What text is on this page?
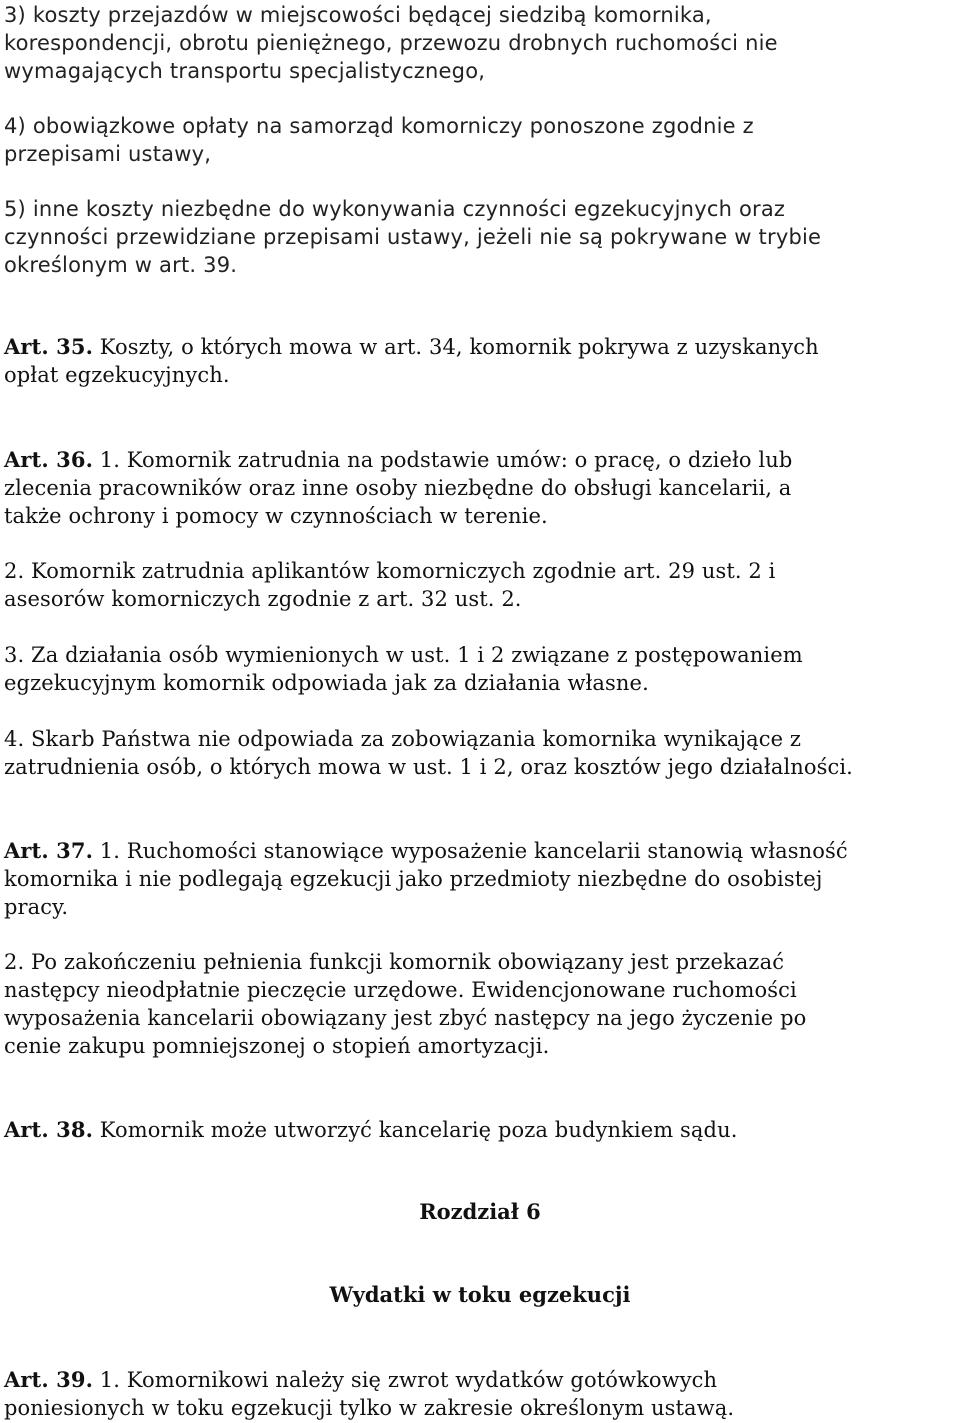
3) koszty przejazdów w miejscowości będącej siedzibą komornika,
korespondencji, obrotu pieniężnego, przewozu drobnych ruchomości nie
wymagających transportu specjalistycznego,

4) obowiązkowe opłaty na samorząd komorniczy ponoszone zgodnie z
przepisami ustawy,

5) inne koszty niezbędne do wykonywania czynności egzekucyjnych oraz
czynności przewidziane przepisami ustawy, jeżeli nie są pokrywane w trybie
określonym w art. 39.

Art. 35. Koszty, o których mowa w art. 34, komornik pokrywa z uzyskanych
opłat egzekucyjnych.

Art. 36. 1. Komornik zatrudnia na podstawie umów: o pracę, o dzieło lub
zlecenia pracowników oraz inne osoby niezbędne do obsługi kancelarii, a
także ochrony i pomocy w czynnościach w terenie.

2. Komornik zatrudnia aplikantów komorniczych zgodnie art. 29 ust. 2 i
asesorów komorniczych zgodnie z art. 32 ust. 2.

3. Za działania osób wymienionych w ust. 1 i 2 związane z postępowaniem
egzekucyjnym komornik odpowiada jak za działania własne.

4. Skarb Państwa nie odpowiada za zobowiązania komornika wynikające z
zatrudnienia osób, o których mowa w ust. 1 i 2, oraz kosztów jego działalności.

Art. 37. 1. Ruchomości stanowiące wyposażenie kancelarii stanowią własność
komornika i nie podlegają egzekucji jako przedmioty niezbędne do osobistej
pracy.

2. Po zakończeniu pełnienia funkcji komornik obowiązany jest przekazać
następcy nieodpłatnie pieczęcie urzędowe. Ewidencjonowane ruchomości
wyposażenia kancelarii obowiązany jest zbyć następcy na jego życzenie po
cenie zakupu pomniejszonej o stopień amortyzacji.

Art. 38. Komornik może utworzyć kancelarię poza budynkiem sądu.

Rozdział 6
Wydatki w toku egzekucji

Art. 39. 1. Komornikowi należy się zwrot wydatków gotówkowych
poniesionych w toku egzekucji tylko w zakresie określonym ustawą.
